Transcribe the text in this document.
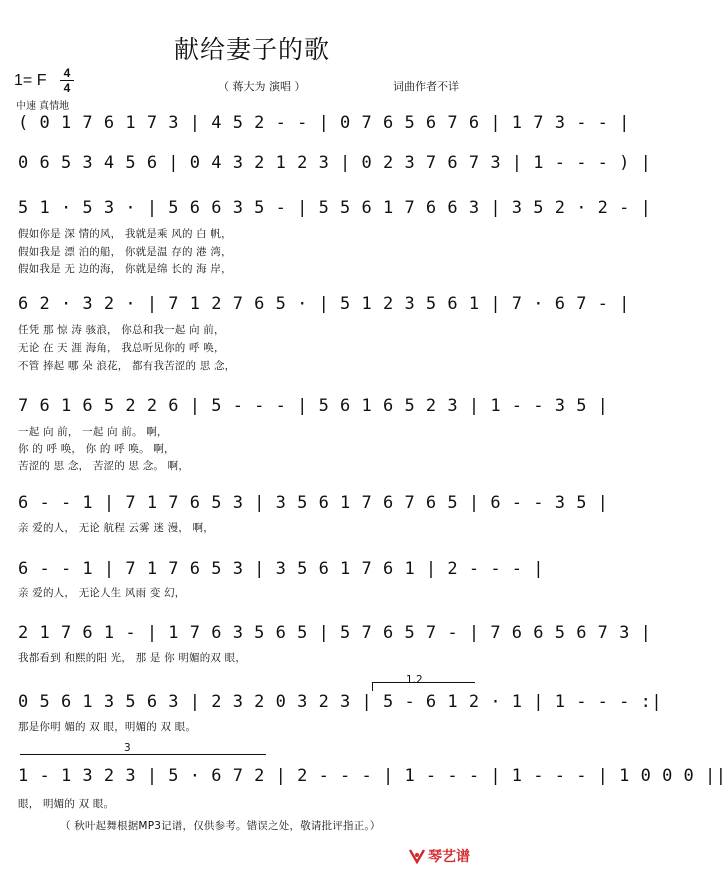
献给妻子的歌
1= F	4
4	（ 蒋大为 演唱 ）	词曲作者不详
中速 真情地
( 0 1 7 6 1 7 3 | 4 5 2 - - | 0 7 6 5 6 7 6 | 1 7 3 - - |
0 6 5 3 4 5 6 | 0 4 3 2 1 2 3 | 0 2 3 7 6 7 3 | 1 - - - ) |
5 1 · 5 3 · | 5 6 6 3 5 - | 5 5 6 1 7 6 6 3 | 3 5 2 · 2 - |
假如你是 深 情的风， 我就是乘 风的 白 帆，
假如我是 漂 泊的船， 你就是温 存的 港 湾，
假如我是 无 边的海， 你就是绵 长的 海 岸，
6 2 · 3 2 · | 7 1 2 7 6 5 · | 5 1 2 3 5 6 1 | 7 · 6 7 - |
任凭 那 惊 涛 骇浪， 你总和我一起 向 前，
无论 在 天 涯 海角， 我总听见你的 呼 唤，
不管 捧起 哪 朵 浪花， 都有我苦涩的 思 念，
7 6 1 6 5 2 2 6 | 5 - - - | 5 6 1 6 5 2 3 | 1 - - 3 5 |
一起 向 前， 一起 向 前。 啊，
你 的 呼 唤， 你 的 呼 唤。 啊，
苦涩的 思 念， 苦涩的 思 念。 啊，
6 - - 1 | 7 1 7 6 5 3 | 3 5 6 1 7 6 7 6 5 | 6 - - 3 5 |
亲 爱的人， 无论 航程 云雾 迷 漫， 啊，
6 - - 1 | 7 1 7 6 5 3 | 3 5 6 1 7 6 1 | 2 - - - |
亲 爱的人， 无论人生 风雨 变 幻，
2 1 7 6 1 - | 1 7 6 3 5 6 5 | 5 7 6 5 7 - | 7 6 6 5 6 7 3 |
我都看到 和熙的阳 光， 那 是 你 明媚的双 眼，
1.2
0 5 6 1 3 5 6 3 | 2 3 2 0 3 2 3 | 5 - 6 1 2 · 1 | 1 - - - :|
那是你明 媚的 双 眼，明媚的 双 眼。
3
1 - 1 3 2 3 | 5 · 6 7 2 | 2 - - - | 1 - - - | 1 - - - | 1 0 0 0 ||
眼， 明媚的 双 眼。
（ 秋叶起舞根据MP3记谱，仅供参考。错误之处，敬请批评指正。）
琴艺谱
